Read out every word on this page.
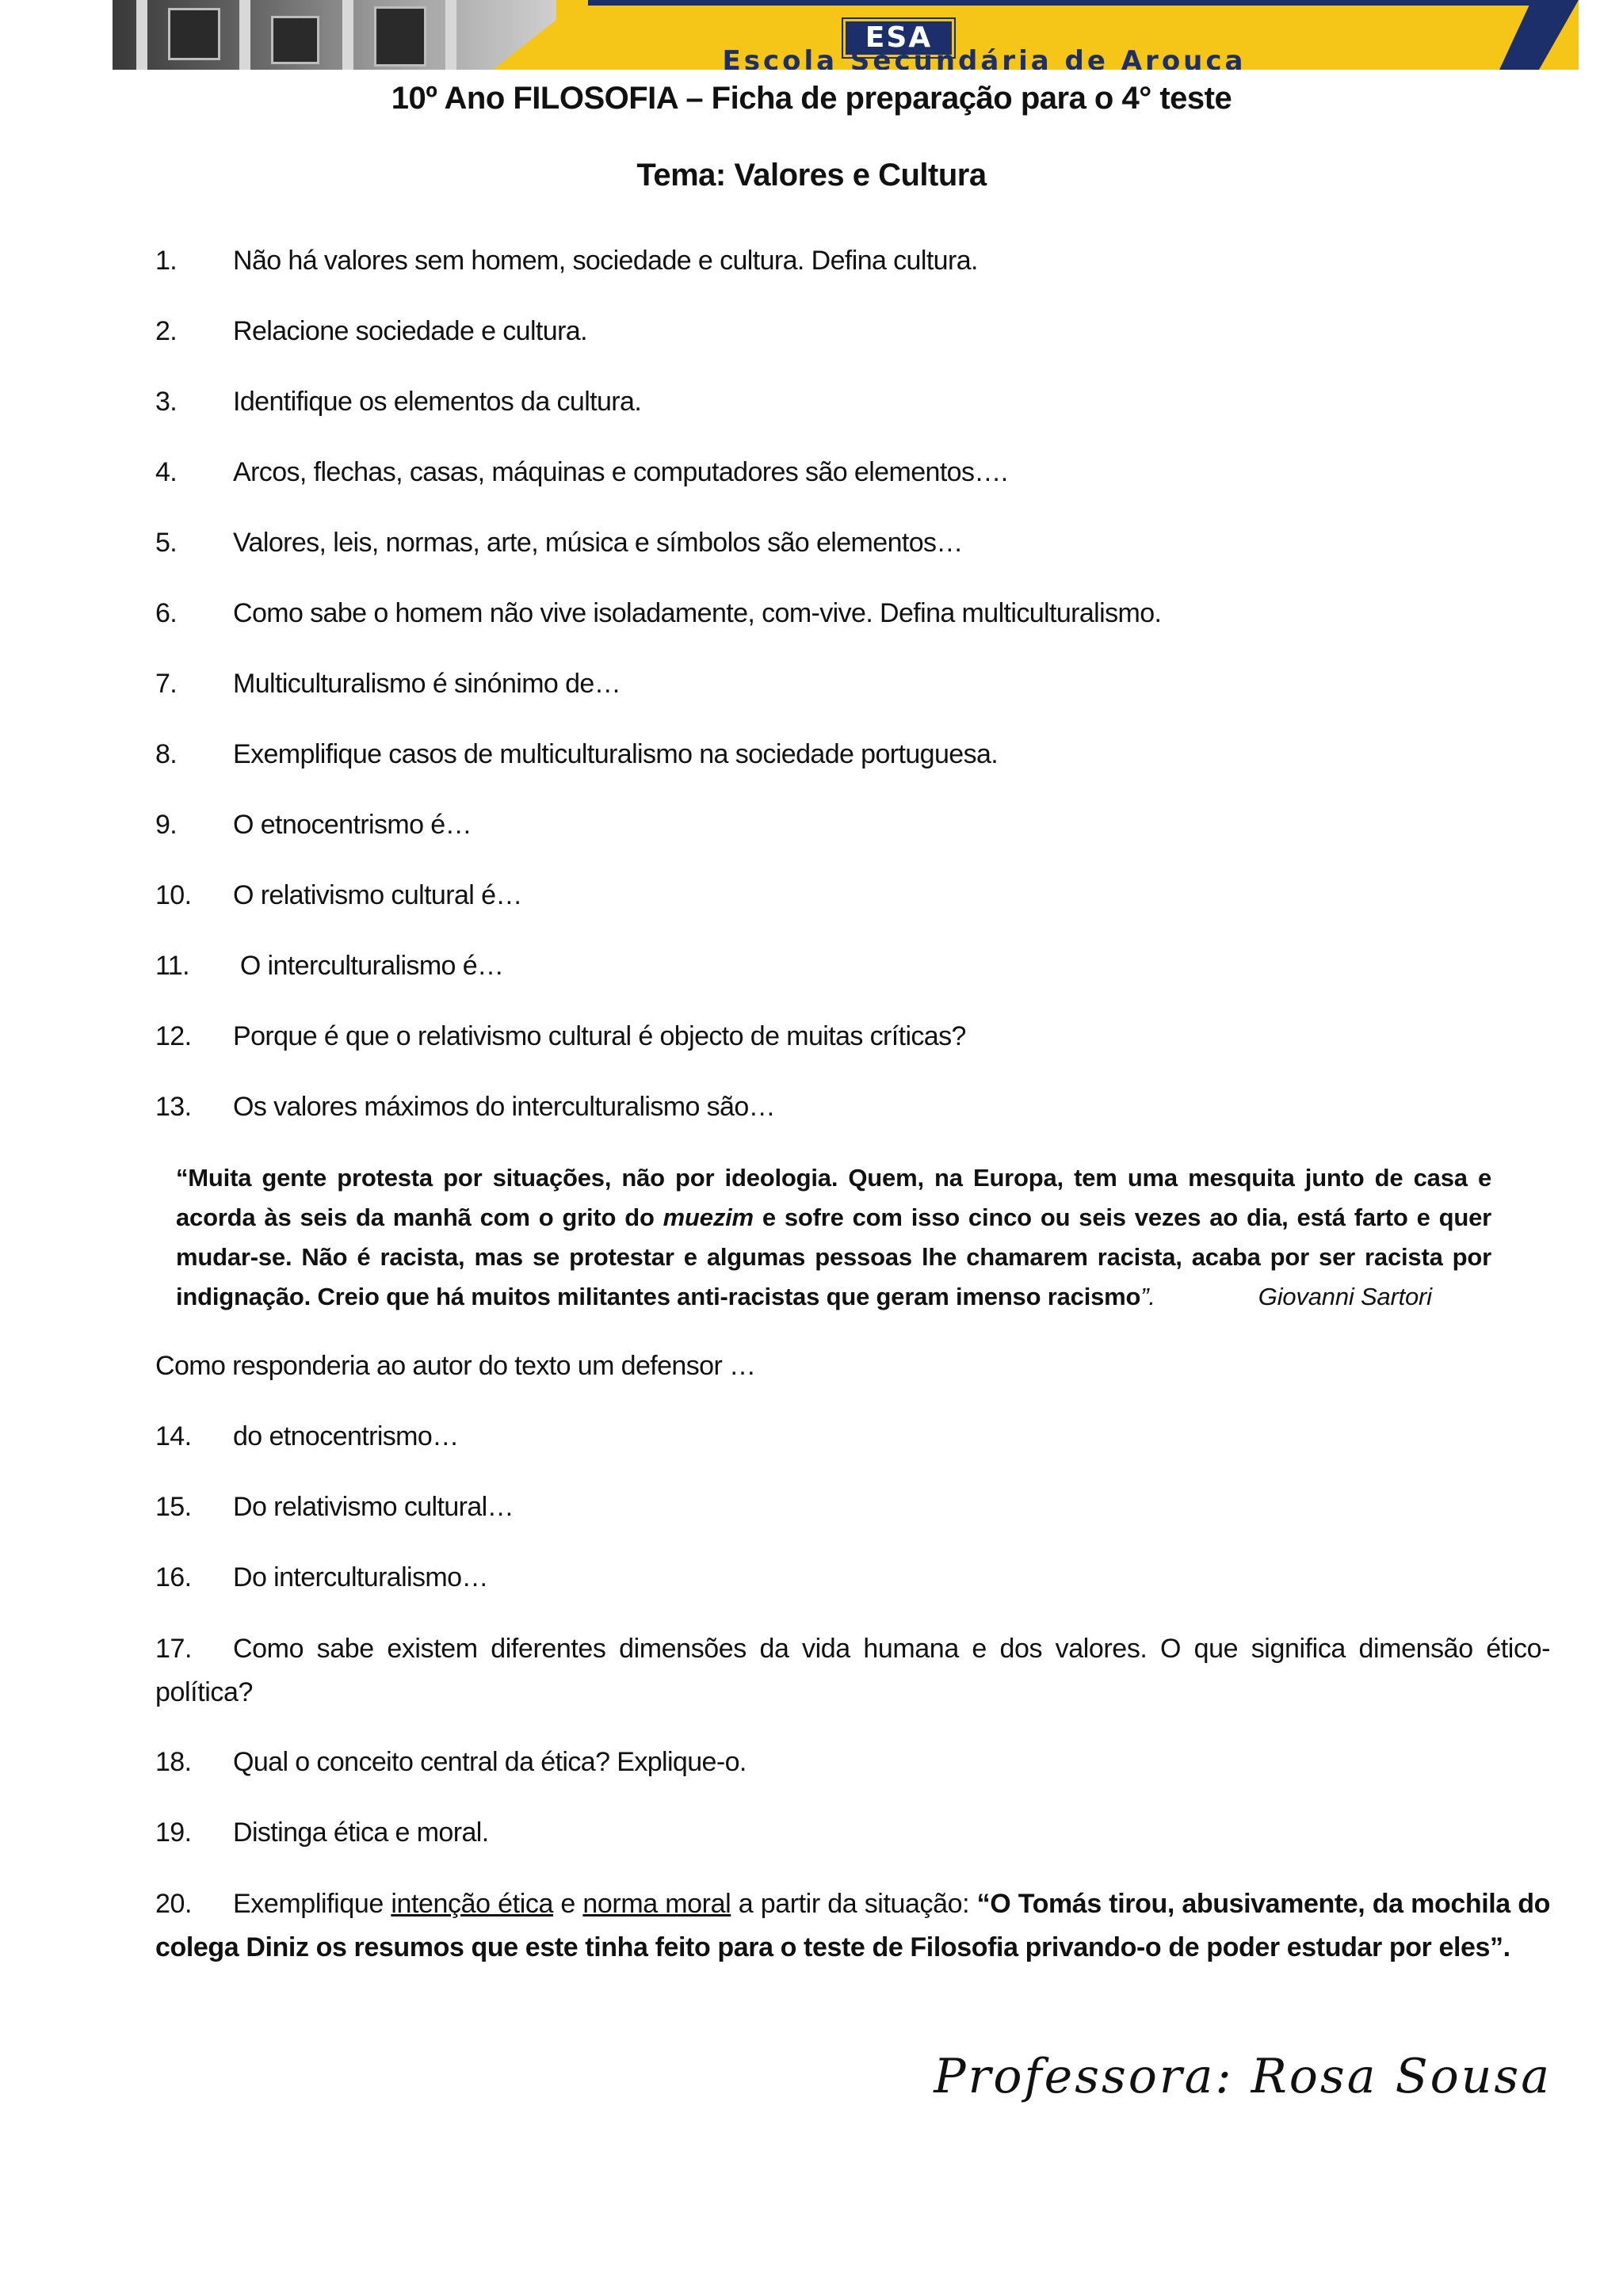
ESA
Escola Secundária de Arouca
10º Ano FILOSOFIA – Ficha de preparação para o 4° teste
Tema: Valores e Cultura
1. Não há valores sem homem, sociedade e cultura. Defina cultura.
2. Relacione sociedade e cultura.
3. Identifique os elementos da cultura.
4. Arcos, flechas, casas, máquinas e computadores são elementos….
5. Valores, leis, normas, arte, música e símbolos são elementos…
6. Como sabe o homem não vive isoladamente, com-vive. Defina multiculturalismo.
7. Multiculturalismo é sinónimo de…
8. Exemplifique casos de multiculturalismo na sociedade portuguesa.
9. O etnocentrismo é…
10. O relativismo cultural é…
11. O interculturalismo é…
12. Porque é que o relativismo cultural é objecto de muitas críticas?
13. Os valores máximos do interculturalismo são…
“Muita gente protesta por situações, não por ideologia. Quem, na Europa, tem uma mesquita junto de casa e acorda às seis da manhã com o grito do muezim e sofre com isso cinco ou seis vezes ao dia, está farto e quer mudar-se. Não é racista, mas se protestar e algumas pessoas lhe chamarem racista, acaba por ser racista por indignação. Creio que há muitos militantes anti-racistas que geram imenso racismo”.	Giovanni Sartori
Como responderia ao autor do texto um defensor …
14. do etnocentrismo…
15. Do relativismo cultural…
16. Do interculturalismo…
17. Como sabe existem diferentes dimensões da vida humana e dos valores. O que significa dimensão ético-política?
18. Qual o conceito central da ética? Explique-o.
19. Distinga ética e moral.
20. Exemplifique intenção ética e norma moral a partir da situação: “O Tomás tirou, abusivamente, da mochila do colega Diniz os resumos que este tinha feito para o teste de Filosofia privando-o de poder estudar por eles”.
Professora: Rosa Sousa
